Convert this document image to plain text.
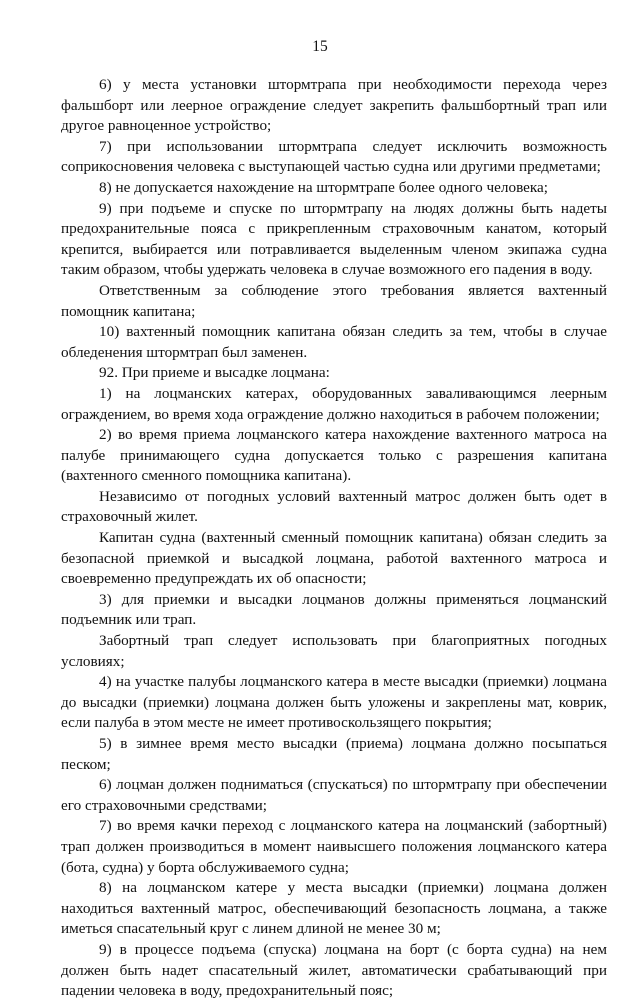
15

6) у места установки штормтрапа при необходимости перехода через фальшборт или леерное ограждение следует закрепить фальшбортный трап или другое равноценное устройство;

7) при использовании штормтрапа следует исключить возможность соприкосновения человека с выступающей частью судна или другими предметами;

8) не допускается нахождение на штормтрапе более одного человека;

9) при подъеме и спуске по штормтрапу на людях должны быть надеты предохранительные пояса с прикрепленным страховочным канатом, который крепится, выбирается или потравливается выделенным членом экипажа судна таким образом, чтобы удержать человека в случае возможного его падения в воду.

Ответственным за соблюдение этого требования является вахтенный помощник капитана;

10) вахтенный помощник капитана обязан следить за тем, чтобы в случае обледенения штормтрап был заменен.

92. При приеме и высадке лоцмана:

1) на лоцманских катерах, оборудованных заваливающимся леерным ограждением, во время хода ограждение должно находиться в рабочем положении;

2) во время приема лоцманского катера нахождение вахтенного матроса на палубе принимающего судна допускается только с разрешения капитана (вахтенного сменного помощника капитана).

Независимо от погодных условий вахтенный матрос должен быть одет в страховочный жилет.

Капитан судна (вахтенный сменный помощник капитана) обязан следить за безопасной приемкой и высадкой лоцмана, работой вахтенного матроса и своевременно предупреждать их об опасности;

3) для приемки и высадки лоцманов должны применяться лоцманский подъемник или трап.

Забортный трап следует использовать при благоприятных погодных условиях;

4) на участке палубы лоцманского катера в месте высадки (приемки) лоцмана до высадки (приемки) лоцмана должен быть уложены и закреплены мат, коврик, если палуба в этом месте не имеет противоскользящего покрытия;

5) в зимнее время место высадки (приема) лоцмана должно посыпаться песком;

6) лоцман должен подниматься (спускаться) по штормтрапу при обеспечении его страховочными средствами;

7) во время качки переход с лоцманского катера на лоцманский (забортный) трап должен производиться в момент наивысшего положения лоцманского катера (бота, судна) у борта обслуживаемого судна;

8) на лоцманском катере у места высадки (приемки) лоцмана должен находиться вахтенный матрос, обеспечивающий безопасность лоцмана, а также иметься спасательный круг с линем длиной не менее 30 м;

9) в процессе подъема (спуска) лоцмана на борт (с борта судна) на нем должен быть надет спасательный жилет, автоматически срабатывающий при падении человека в воду, предохранительный пояс;
